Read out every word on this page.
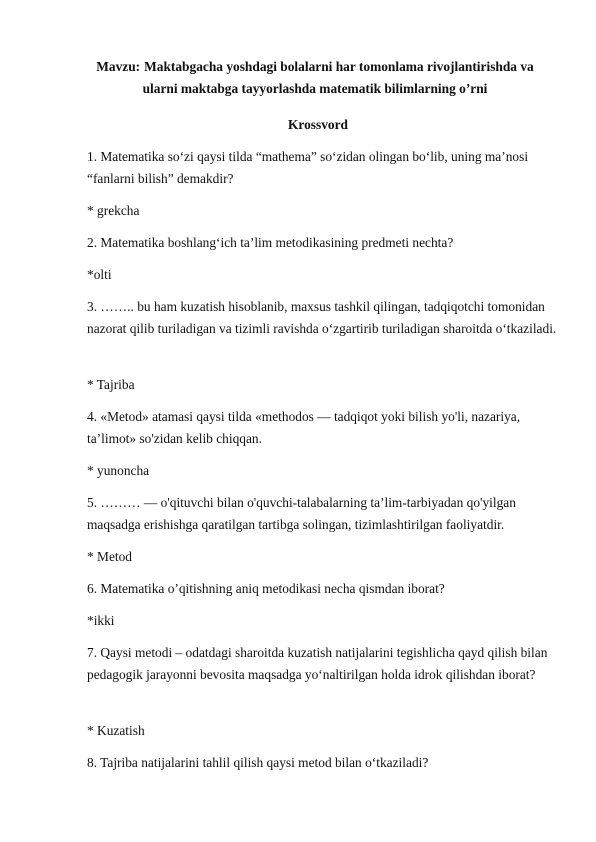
Mavzu: Maktabgacha yoshdagi bolalarni har tomonlama rivojlantirishda va ularni maktabga tayyorlashda matematik bilimlarning o’rni
Krossvord

1. Matematika so‘zi qaysi tilda “mathema” so‘zidan olingan bo‘lib, uning ma’nosi “fanlarni bilish” demakdir?

* grekcha

2. Matematika boshlang‘ich ta’lim metodikasining predmeti nechta?

*olti

3. …….. bu ham kuzatish hisoblanib, maxsus tashkil qilingan, tadqiqotchi tomonidan nazorat qilib turiladigan va tizimli ravishda o‘zgartirib turiladigan sharoitda o‘tkaziladi.

* Tajriba

4. «Metod» atamasi qaysi tilda «methodos — tadqiqot yoki bilish yo'li, nazariya, ta’limot» so'zidan kelib chiqqan.

* yunoncha

5. ……… — o'qituvchi bilan o'quvchi-talabalarning ta’lim-tarbiyadan qo'yilgan maqsadga erishishga qaratilgan tartibga solingan, tizimlashtirilgan faoliyatdir.

* Metod

6. Matematika o’qitishning aniq metodikasi necha qismdan iborat?

*ikki

7. Qaysi metodi – odatdagi sharoitda kuzatish natijalarini tegishlicha qayd qilish bilan pedagogik jarayonni bevosita maqsadga yo‘naltirilgan holda idrok qilishdan iborat?

* Kuzatish

8. Tajriba natijalarini tahlil qilish qaysi metod bilan o‘tkaziladi?
